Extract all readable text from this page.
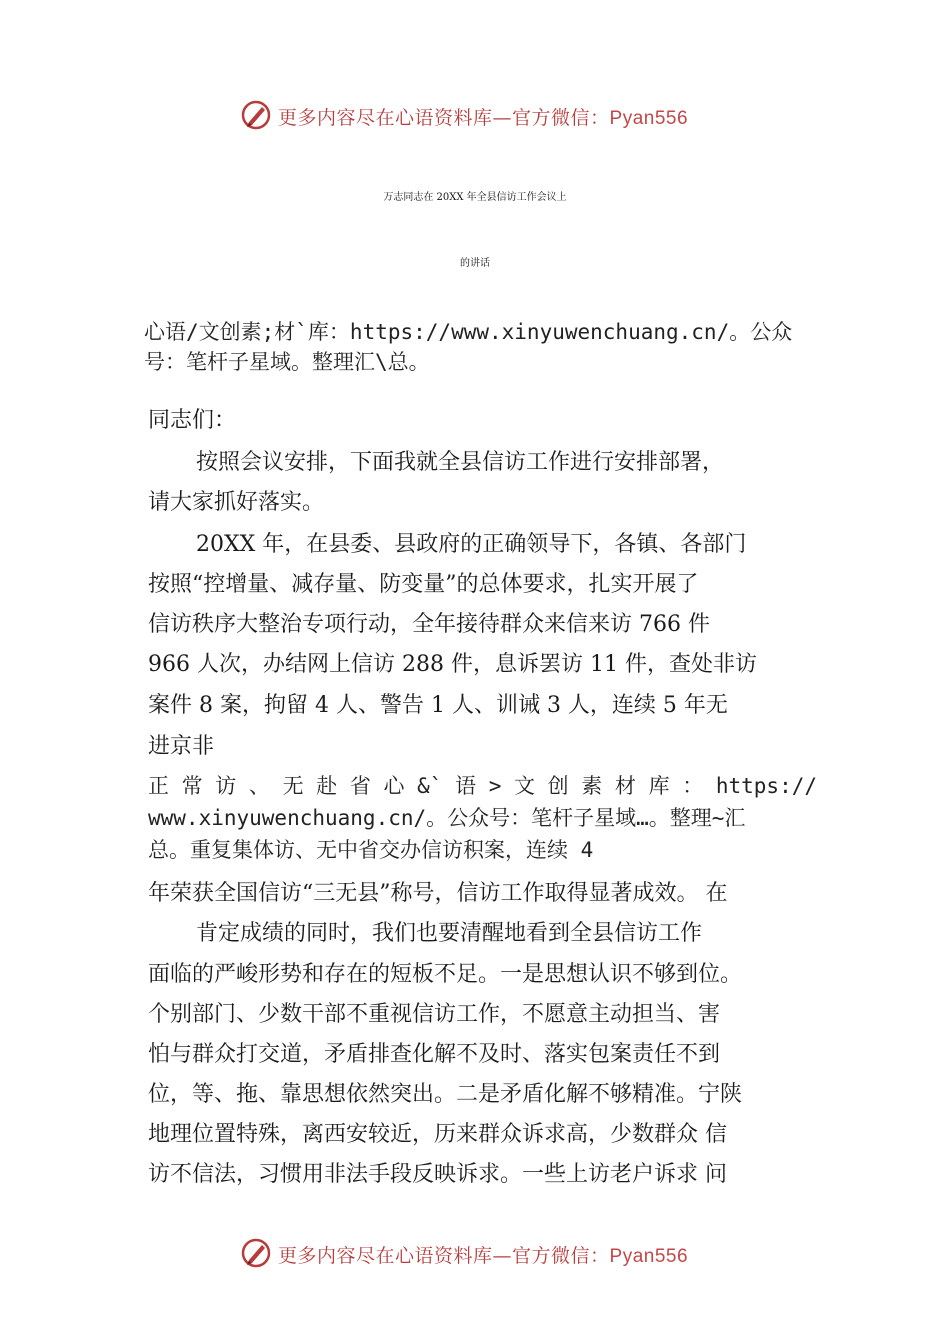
更多内容尽在心语资料库—官方微信：Pyan556
万志同志在 20XX 年全县信访工作会议上
的讲话
心语/文创素;材`库：https://www.xinyuwenchuang.cn/。公众
号：笔杆子星域。整理汇\总。
同志们：
按照会议安排，下面我就全县信访工作进行安排部署，
请大家抓好落实。
20XX 年，在县委、县政府的正确领导下，各镇、各部门
按照“控增量、减存量、防变量”的总体要求，扎实开展了
信访秩序大整治专项行动，全年接待群众来信来访 766 件
966 人次，办结网上信访 288 件，息诉罢访 11 件，查处非访
案件 8 案，拘留 4 人、警告 1 人、训诫 3 人，连续 5 年无
进京非
正 常 访 、 无 赴 省 心 &` 语 > 文 创 素 材 库 ： https://
www.xinyuwenchuang.cn/。公众号：笔杆子星域…。整理~汇
总。重复集体访、无中省交办信访积案，连续 4
年荣获全国信访“三无县”称号，信访工作取得显著成效。 在
肯定成绩的同时，我们也要清醒地看到全县信访工作
面临的严峻形势和存在的短板不足。一是思想认识不够到位。
个别部门、少数干部不重视信访工作，不愿意主动担当、害
怕与群众打交道，矛盾排查化解不及时、落实包案责任不到
位，等、拖、靠思想依然突出。二是矛盾化解不够精准。宁陕
地理位置特殊，离西安较近，历来群众诉求高，少数群众 信
访不信法，习惯用非法手段反映诉求。一些上访老户诉求 问
更多内容尽在心语资料库—官方微信：Pyan556
